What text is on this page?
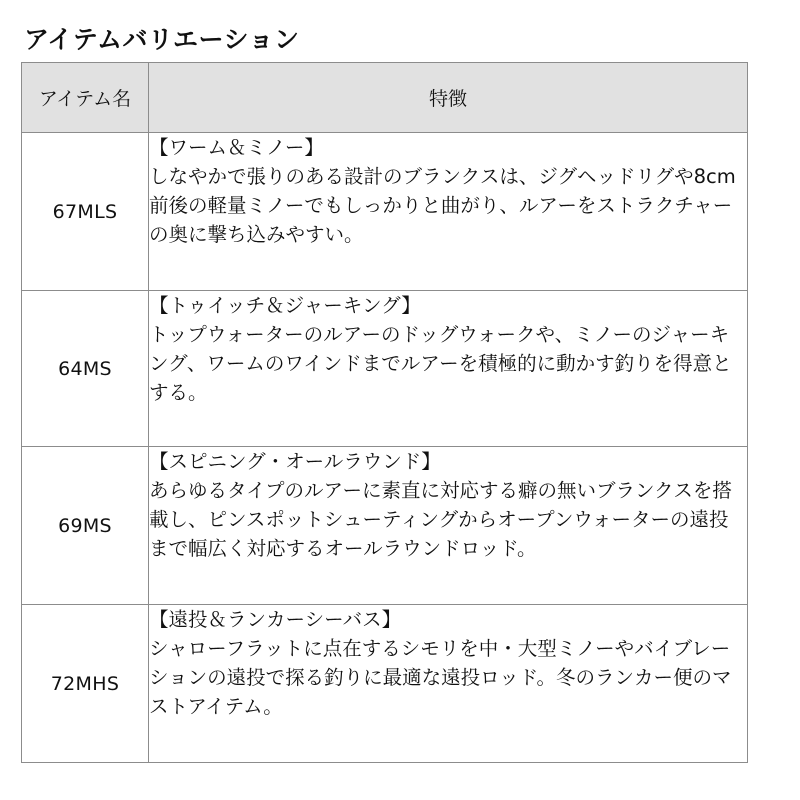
アイテムバリエーション
アイテム名	特徴
67MLS	【ワーム＆ミノー】
しなやかで張りのある設計のブランクスは、ジグヘッドリグや8cm前後の軽量ミノーでもしっかりと曲がり、ルアーをストラクチャーの奥に撃ち込みやすい。

64MS	【トゥイッチ＆ジャーキング】
トップウォーターのルアーのドッグウォークや、ミノーのジャーキング、ワームのワインドまでルアーを積極的に動かす釣りを得意とする。

69MS	【スピニング・オールラウンド】
あらゆるタイプのルアーに素直に対応する癖の無いブランクスを搭載し、ピンスポットシューティングからオープンウォーターの遠投まで幅広く対応するオールラウンドロッド。

72MHS	【遠投＆ランカーシーバス】
シャローフラットに点在するシモリを中・大型ミノーやバイブレーションの遠投で探る釣りに最適な遠投ロッド。冬のランカー便のマストアイテム。
